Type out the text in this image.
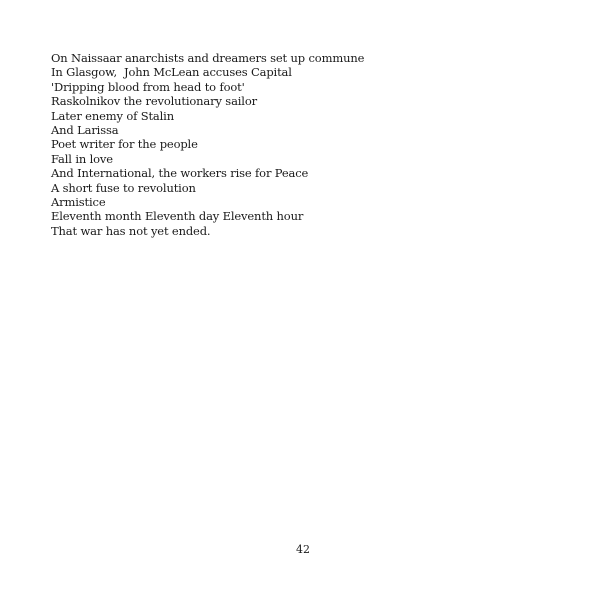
On Naissaar anarchists and dreamers set up commune
In Glasgow,  John McLean accuses Capital
'Dripping blood from head to foot'
Raskolnikov the revolutionary sailor
Later enemy of Stalin
And Larissa
Poet writer for the people
Fall in love
And International, the workers rise for Peace
A short fuse to revolution
Armistice
Eleventh month Eleventh day Eleventh hour
That war has not yet ended.
42
